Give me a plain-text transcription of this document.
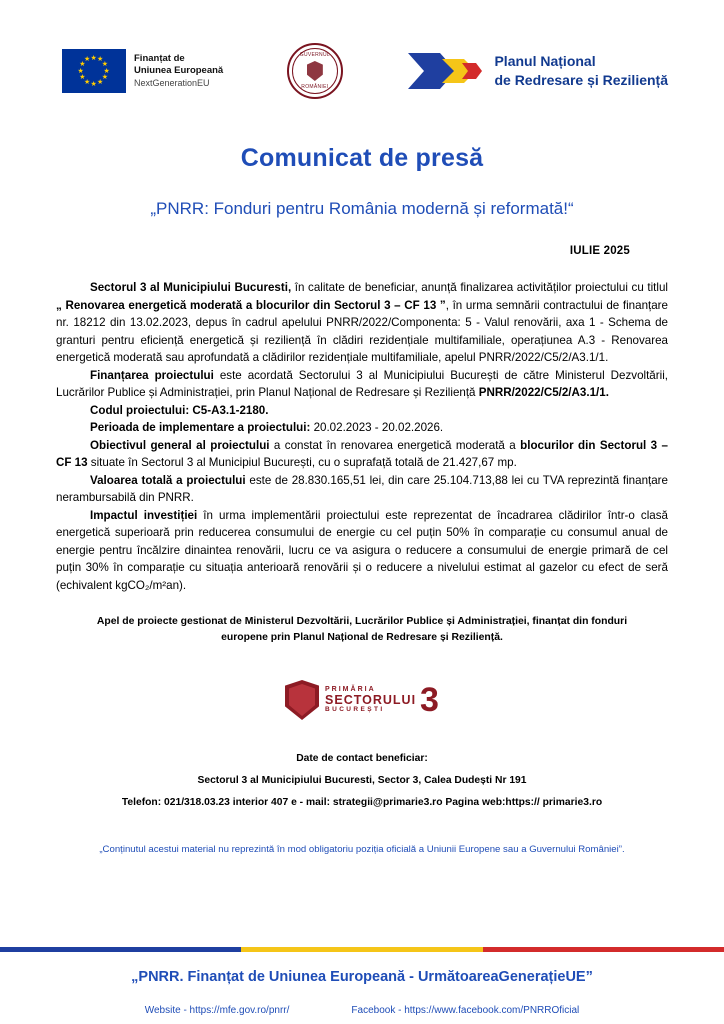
★ ★
★
★
★
★
★
★
★
★
★
★	Finanțat de
Uniunea Europeană
NextGenerationEU
GUVERNUL
ROMÂNIEI
Planul Național
de Redresare și Reziliență
Comunicat de presă
„PNRR: Fonduri pentru România modernă și reformată!“
IULIE 2025

Sectorul 3 al Municipiului Bucuresti, în calitate de beneficiar, anunță finalizarea activităților proiectului cu titlul „ Renovarea energetică moderată a blocurilor din Sectorul 3 – CF 13 ”, în urma semnării contractului de finanțare nr. 18212 din 13.02.2023, depus în cadrul apelului PNRR/2022/Componenta: 5 - Valul renovării, axa 1 - Schema de granturi pentru eficiență energetică și reziliență în clădiri rezidențiale multifamiliale, operațiunea A.3 - Renovarea energetică moderată sau aprofundată a clădirilor rezidențiale multifamiliale, apelul PNRR/2022/C5/2/A3.1/1.

Finanțarea proiectului este acordată Sectorului 3 al Municipiului București de către Ministerul Dezvoltării, Lucrărilor Publice și Administrației, prin Planul Național de Redresare și Reziliență PNRR/2022/C5/2/A3.1/1.

Codul proiectului: C5-A3.1-2180.

Perioada de implementare a proiectului: 20.02.2023 - 20.02.2026.

Obiectivul general al proiectului a constat în renovarea energetică moderată a blocurilor din Sectorul 3 – CF 13 situate în Sectorul 3 al Municipiul București, cu o suprafață totală de 21.427,67 mp.

Valoarea totală a proiectului este de 28.830.165,51 lei, din care 25.104.713,88 lei cu TVA reprezintă finanțare nerambursabilă din PNRR.

Impactul investiției în urma implementării proiectului este reprezentat de încadrarea clădirilor într-o clasă energetică superioară prin reducerea consumului de energie cu cel puțin 50% în comparație cu consumul anual de energie pentru încălzire dinaintea renovării, lucru ce va asigura o reducere a consumului de energie primară de cel puțin 30% în comparație cu situația anterioară renovării și o reducere a nivelului estimat al gazelor cu efect de seră (echivalent kgCO₂/m²an).

Apel de proiecte gestionat de Ministerul Dezvoltării, Lucrărilor Publice și Administrației, finanțat din fonduri europene prin Planul Național de Redresare și Reziliență.
PRIMĂRIA
SECTORULUI
BUCUREȘTI	3
Date de contact beneficiar:
Sectorul 3 al Municipiului Bucuresti, Sector 3, Calea Dudești Nr 191
Telefon: 021/318.03.23 interior 407 e - mail: strategii@primarie3.ro Pagina web:https:// primarie3.ro
„Conținutul acestui material nu reprezintă în mod obligatoriu poziția oficială a Uniunii Europene sau a Guvernului României”.
„PNRR. Finanțat de Uniunea Europeană - UrmătoareaGenerațieUE”
Website - https://mfe.gov.ro/pnrr/	Facebook - https://www.facebook.com/PNRROficial
